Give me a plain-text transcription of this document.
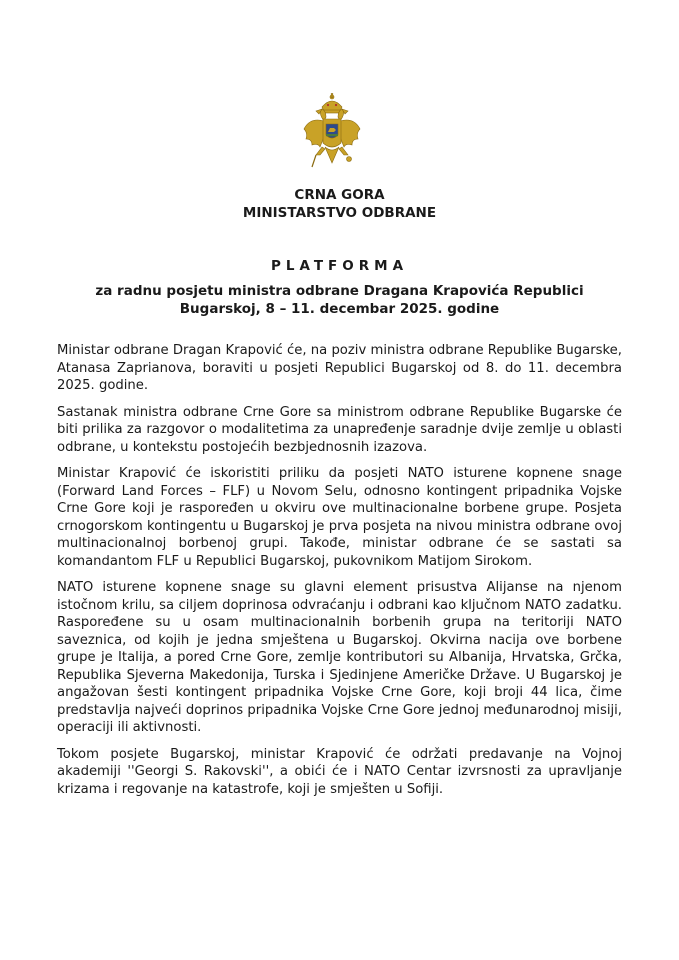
CRNA GORA
MINISTARSTVO ODBRANE
PLATFORMA
za radnu posjetu ministra odbrane Dragana Krapovića Republici
Bugarskoj, 8 – 11. decembar 2025. godine

Ministar odbrane Dragan Krapović će, na poziv ministra odbrane Republike Bugarske, Atanasa Zaprianova, boraviti u posjeti Republici Bugarskoj od 8. do 11. decembra 2025. godine.

Sastanak ministra odbrane Crne Gore sa ministrom odbrane Republike Bugarske će biti prilika za razgovor o modalitetima za unapređenje saradnje dvije zemlje u oblasti odbrane, u kontekstu postojećih bezbjednosnih izazova.

Ministar Krapović će iskoristiti priliku da posjeti NATO isturene kopnene snage (Forward Land Forces – FLF) u Novom Selu, odnosno kontingent pripadnika Vojske Crne Gore koji je raspoređen u okviru ove multinacionalne borbene grupe. Posjeta crnogorskom kontingentu u Bugarskoj je prva posjeta na nivou ministra odbrane ovoj multinacionalnoj borbenoj grupi. Takođe, ministar odbrane će se sastati sa komandantom FLF u Republici Bugarskoj, pukovnikom Matijom Sirokom.

NATO isturene kopnene snage su glavni element prisustva Alijanse na njenom istočnom krilu, sa ciljem doprinosa odvraćanju i odbrani kao ključnom NATO zadatku. Raspoređene su u osam multinacionalnih borbenih grupa na teritoriji NATO saveznica, od kojih je jedna smještena u Bugarskoj. Okvirna nacija ove borbene grupe je Italija, a pored Crne Gore, zemlje kontributori su Albanija, Hrvatska, Grčka, Republika Sjeverna Makedonija, Turska i Sjedinjene Američke Države. U Bugarskoj je angažovan šesti kontingent pripadnika Vojske Crne Gore, koji broji 44 lica, čime predstavlja najveći doprinos pripadnika Vojske Crne Gore jednoj međunarodnoj misiji, operaciji ili aktivnosti.

Tokom posjete Bugarskoj, ministar Krapović će održati predavanje na Vojnoj akademiji ''Georgi S. Rakovski'', a obići će i NATO Centar izvrsnosti za upravljanje krizama i regovanje na katastrofe, koji je smješten u Sofiji.
